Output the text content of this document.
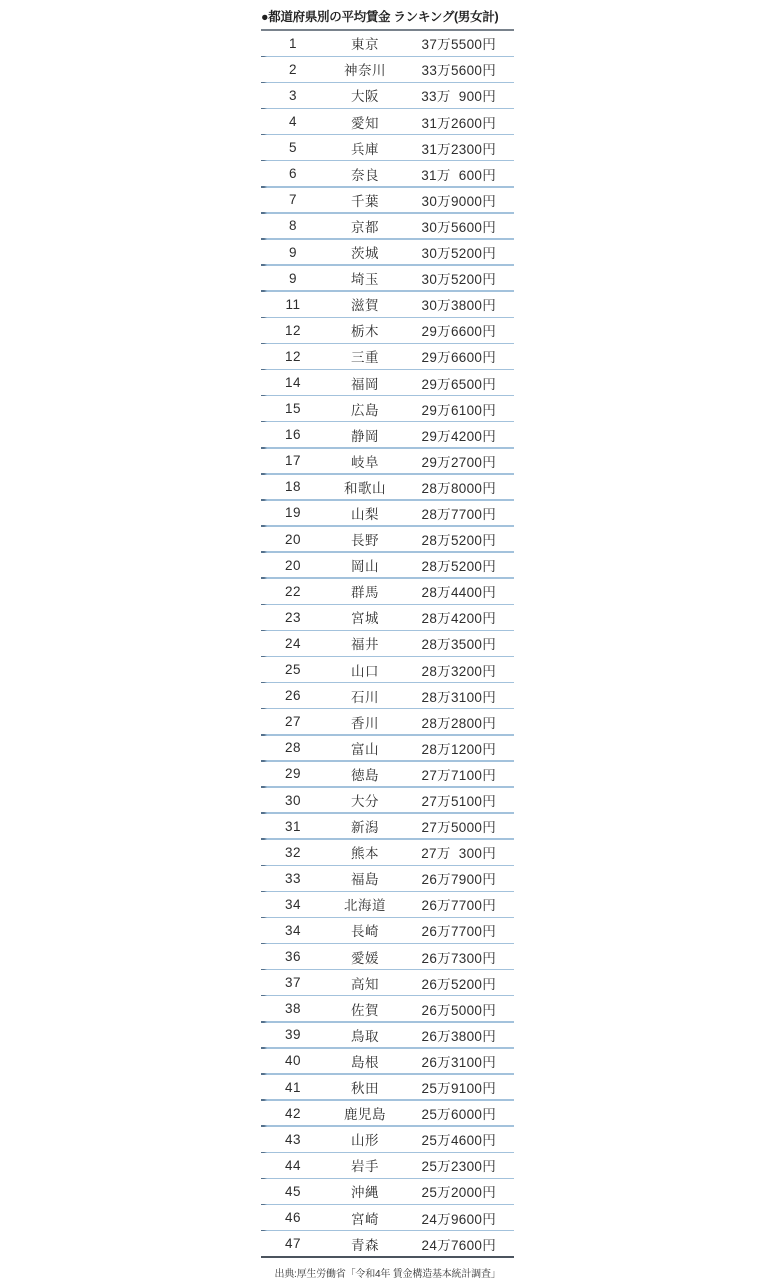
●都道府県別の平均賃金 ランキング(男女計)
1	東京	37万5500円
2	神奈川	33万5600円
3	大阪	33万  900円
4	愛知	31万2600円
5	兵庫	31万2300円
6	奈良	31万  600円
7	千葉	30万9000円
8	京都	30万5600円
9	茨城	30万5200円
9	埼玉	30万5200円
11	滋賀	30万3800円
12	栃木	29万6600円
12	三重	29万6600円
14	福岡	29万6500円
15	広島	29万6100円
16	静岡	29万4200円
17	岐阜	29万2700円
18	和歌山	28万8000円
19	山梨	28万7700円
20	長野	28万5200円
20	岡山	28万5200円
22	群馬	28万4400円
23	宮城	28万4200円
24	福井	28万3500円
25	山口	28万3200円
26	石川	28万3100円
27	香川	28万2800円
28	富山	28万1200円
29	徳島	27万7100円
30	大分	27万5100円
31	新潟	27万5000円
32	熊本	27万  300円
33	福島	26万7900円
34	北海道	26万7700円
34	長崎	26万7700円
36	愛媛	26万7300円
37	高知	26万5200円
38	佐賀	26万5000円
39	鳥取	26万3800円
40	島根	26万3100円
41	秋田	25万9100円
42	鹿児島	25万6000円
43	山形	25万4600円
44	岩手	25万2300円
45	沖縄	25万2000円
46	宮崎	24万9600円
47	青森	24万7600円
出典:厚生労働省「令和4年 賃金構造基本統計調査」
